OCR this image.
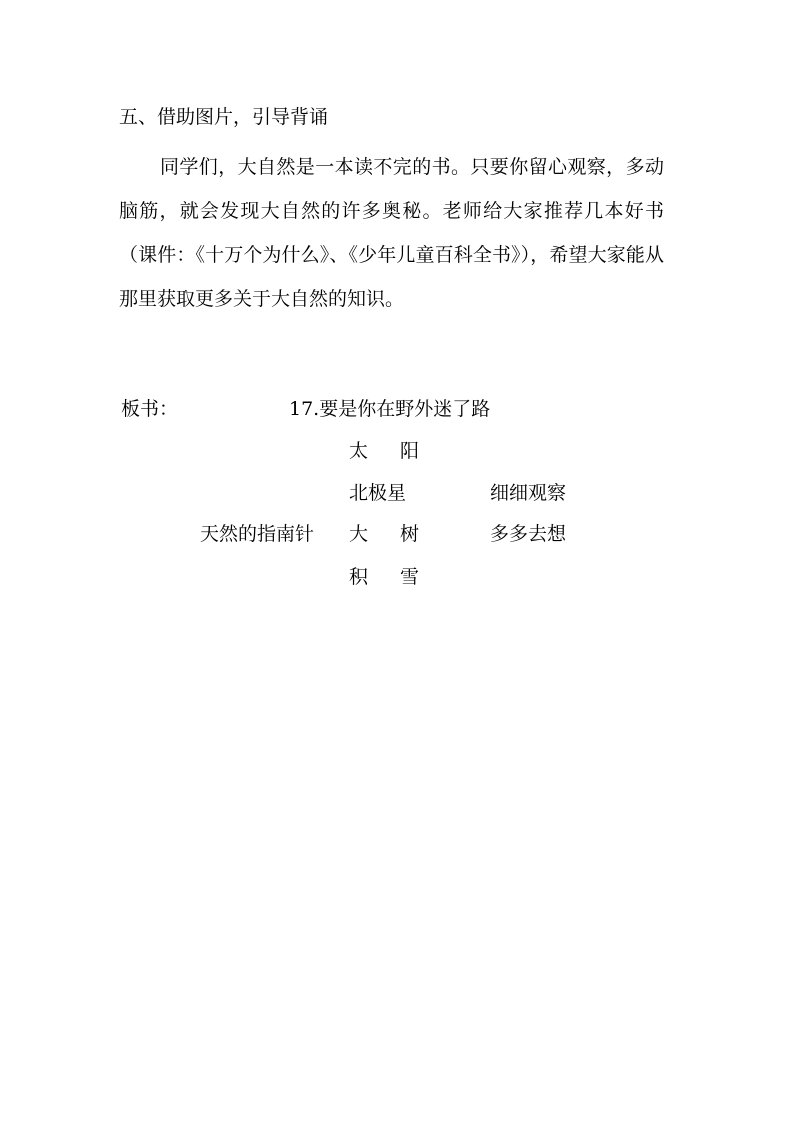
五、借助图片，引导背诵

同学们，大自然是一本读不完的书。只要你留心观察，多动脑筋，就会发现大自然的许多奥秘。老师给大家推荐几本好书（课件：《十万个为什么》、《少年儿童百科全书》），希望大家能从那里获取更多关于大自然的知识。

板书：	17.要是你在野外迷了路
太阳
北极星
大树
积雪
天然的指南针
细细观察
多多去想
